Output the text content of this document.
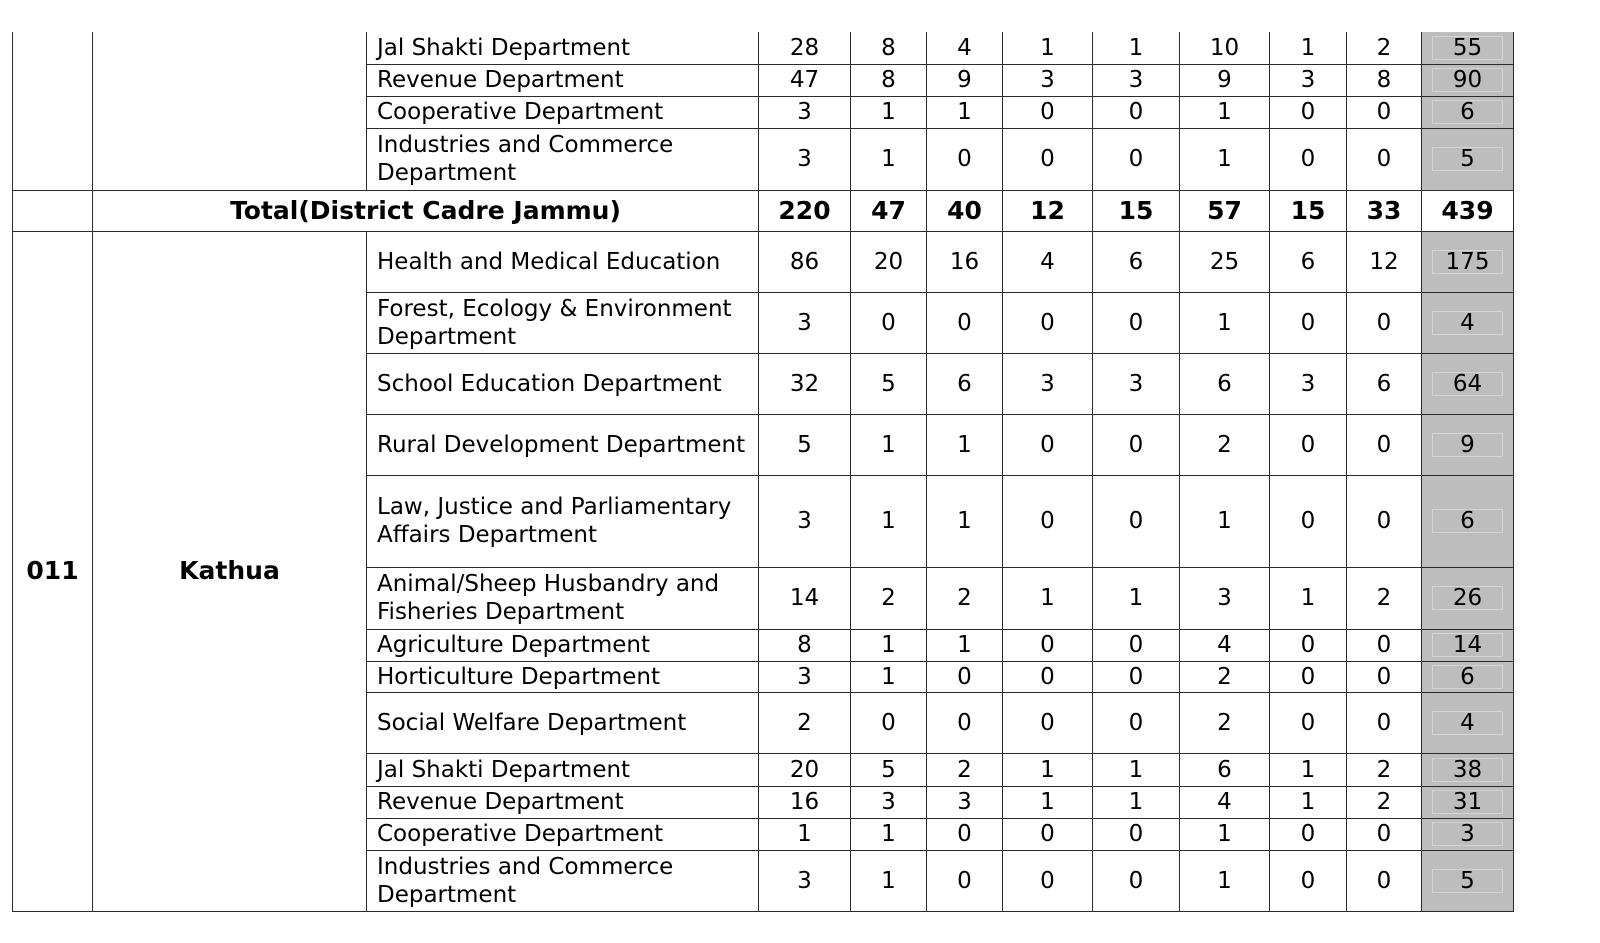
		Jal Shakti Department	28	8	4	1	1	10	1	2	55

		Revenue Department	47	8	9	3	3	9	3	8	90

		Cooperative Department	3	1	1	0	0	1	0	0	6

		Industries and Commerce Department	3	1	0	0	0	1	0	0	5

	Total(District Cadre Jammu)		220	47	40	12	15	57	15	33	439
011	Kathua	Health and Medical Education	86	20	16	4	6	25	6	12	175

		Forest, Ecology & Environment Department	3	0	0	0	0	1	0	0	4

		School Education Department	32	5	6	3	3	6	3	6	64

		Rural Development Department	5	1	1	0	0	2	0	0	9

		Law, Justice and Parliamentary Affairs Department	3	1	1	0	0	1	0	0	6

		Animal/Sheep Husbandry and Fisheries Department	14	2	2	1	1	3	1	2	26

		Agriculture Department	8	1	1	0	0	4	0	0	14

		Horticulture Department	3	1	0	0	0	2	0	0	6

		Social Welfare Department	2	0	0	0	0	2	0	0	4

		Jal Shakti Department	20	5	2	1	1	6	1	2	38

		Revenue Department	16	3	3	1	1	4	1	2	31

		Cooperative Department	1	1	0	0	0	1	0	0	3

		Industries and Commerce Department	3	1	0	0	0	1	0	0	5
